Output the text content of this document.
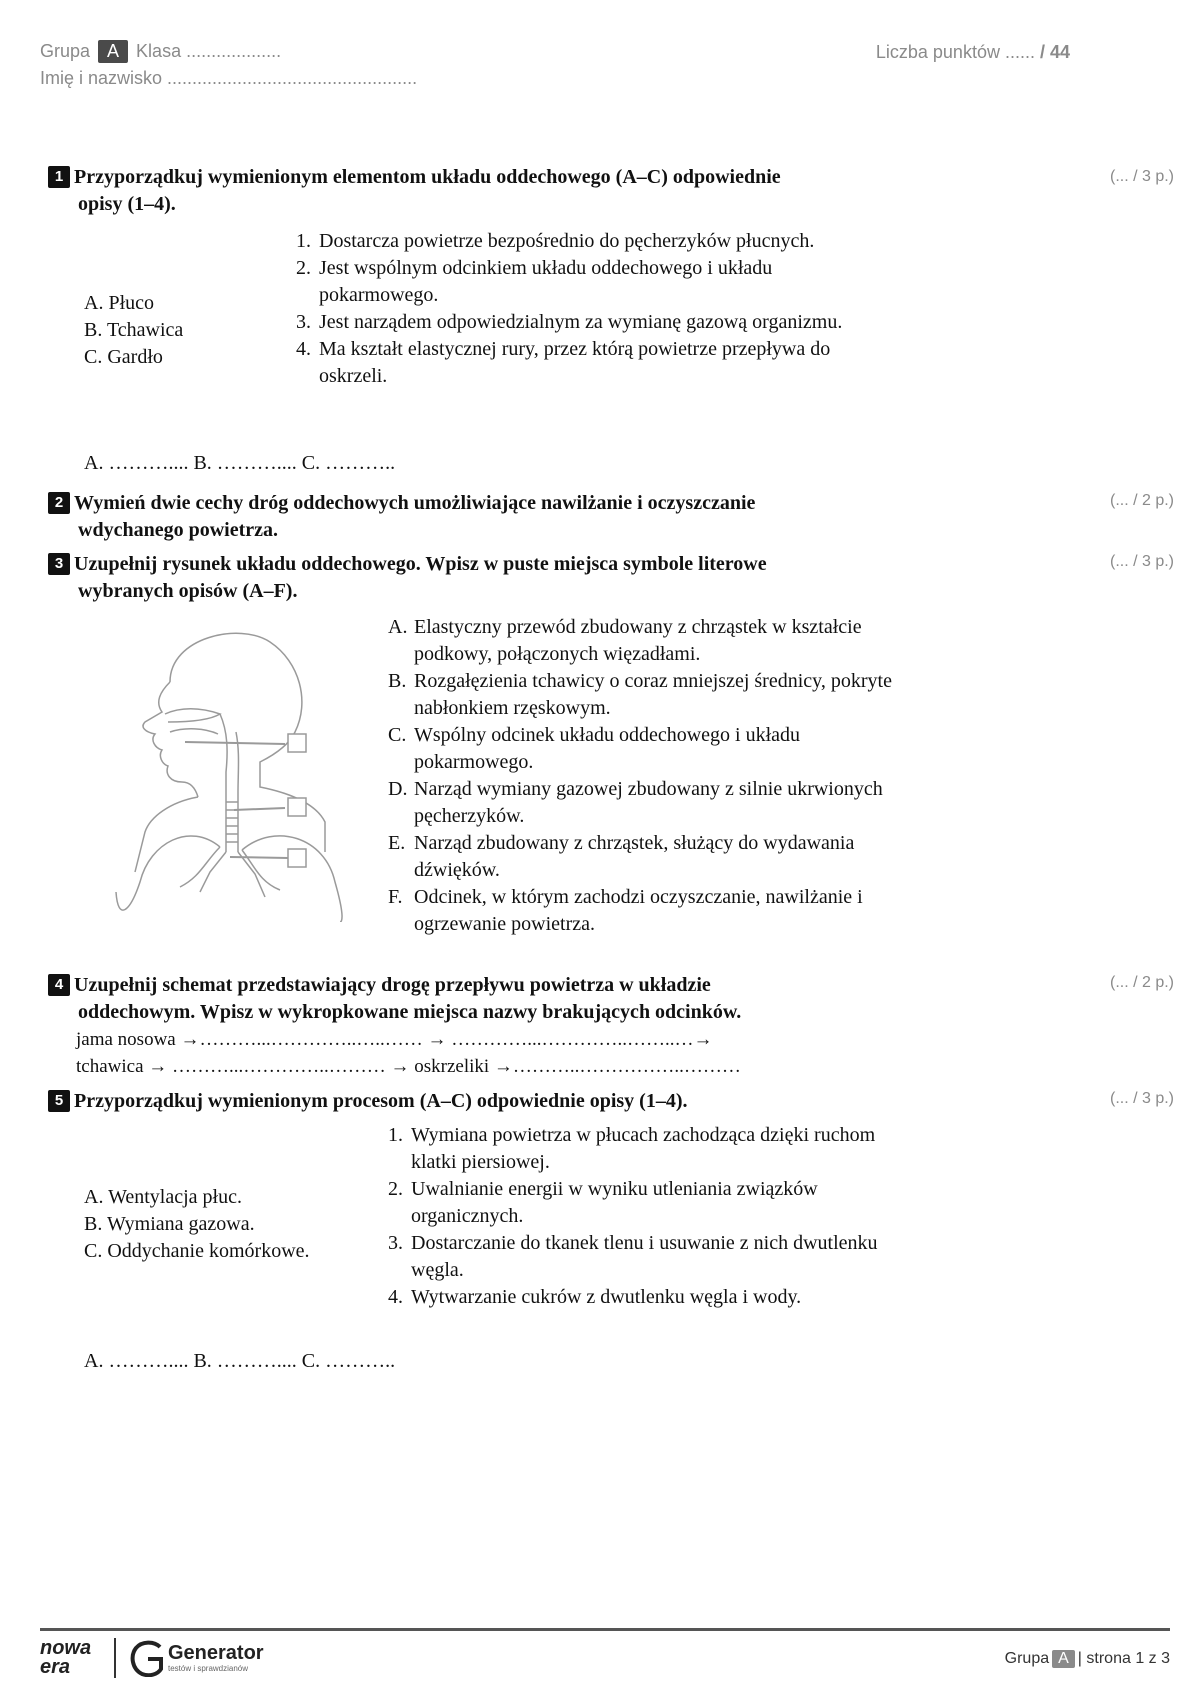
Grupa A Klasa ...................
Imię i nazwisko ..................................................
Liczba punktów ...... / 44
1 Przyporządkuj wymienionym elementom układu oddechowego (A–C) odpowiednie
opisy (1–4).
(... / 3 p.)
A. Płuco
B. Tchawica
C. Gardło
1. Dostarcza powietrze bezpośrednio do pęcherzyków płucnych.
2. Jest wspólnym odcinkiem układu oddechowego i układu pokarmowego.
3. Jest narządem odpowiedzialnym za wymianę gazową organizmu.
4. Ma kształt elastycznej rury, przez którą powietrze przepływa do oskrzeli.
A. ……….... B. ……….... C. ………..
2 Wymień dwie cechy dróg oddechowych umożliwiające nawilżanie i oczyszczanie
wdychanego powietrza.
(... / 2 p.)
3 Uzupełnij rysunek układu oddechowego. Wpisz w puste miejsca symbole literowe
wybranych opisów (A–F).
(... / 3 p.)
A. Elastyczny przewód zbudowany z chrząstek w kształcie podkowy, połączonych więzadłami.
B. Rozgałęzienia tchawicy o coraz mniejszej średnicy, pokryte nabłonkiem rzęskowym.
C. Wspólny odcinek układu oddechowego i układu pokarmowego.
D. Narząd wymiany gazowej zbudowany z silnie ukrwionych pęcherzyków.
E. Narząd zbudowany z chrząstek, służący do wydawania dźwięków.
F. Odcinek, w którym zachodzi oczyszczanie, nawilżanie i ogrzewanie powietrza.
4 Uzupełnij schemat przedstawiający drogę przepływu powietrza w układzie
oddechowym. Wpisz w wykropkowane miejsca nazwy brakujących odcinków.
(... / 2 p.)
jama nosowa →………...…………..…..…… → …………...…………..……..…→
tchawica → ………...…………..……… → oskrzeliki →………..……………..………
5 Przyporządkuj wymienionym procesom (A–C) odpowiednie opisy (1–4).	(... / 3 p.)
A. Wentylacja płuc.
B. Wymiana gazowa.
C. Oddychanie komórkowe.
1. Wymiana powietrza w płucach zachodząca dzięki ruchom klatki piersiowej.
2. Uwalnianie energii w wyniku utleniania związków organicznych.
3. Dostarczanie do tkanek tlenu i usuwanie z nich dwutlenku węgla.
4. Wytwarzanie cukrów z dwutlenku węgla i wody.
A. ……….... B. ……….... C. ………..
nowa era
Generator
testów i sprawdzianów
Grupa A | strona 1 z 3
